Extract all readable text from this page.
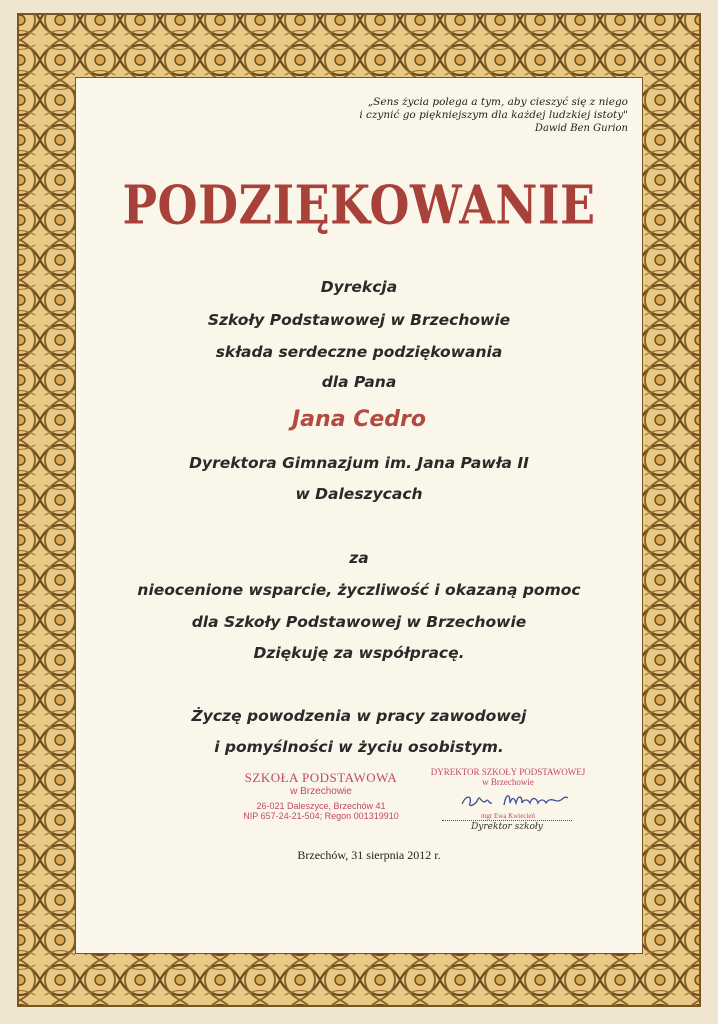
„Sens życia polega a tym, aby cieszyć się z niego
i czynić go piękniejszym dla każdej ludzkiej istoty"
Dawid Ben Gurion
PODZIĘKOWANIE
Dyrekcja
Szkoły Podstawowej w Brzechowie
składa serdeczne podziękowania
dla Pana
Jana Cedro
Dyrektora Gimnazjum im. Jana Pawła II
w Daleszycach
za
nieocenione wsparcie, życzliwość i okazaną pomoc
dla Szkoły Podstawowej w Brzechowie
Dziękuję za współpracę.
Życzę powodzenia w pracy zawodowej
i pomyślności w życiu osobistym.
SZKOŁA PODSTAWOWA
w Brzechowie
26-021 Daleszyce, Brzechów 41
NIP 657-24-21-504; Regon 001319910
DYREKTOR SZKOŁY PODSTAWOWEJ
w Brzechowie
mgr Ewa Kwiecień
Dyrektor szkoły
Brzechów, 31 sierpnia 2012 r.
